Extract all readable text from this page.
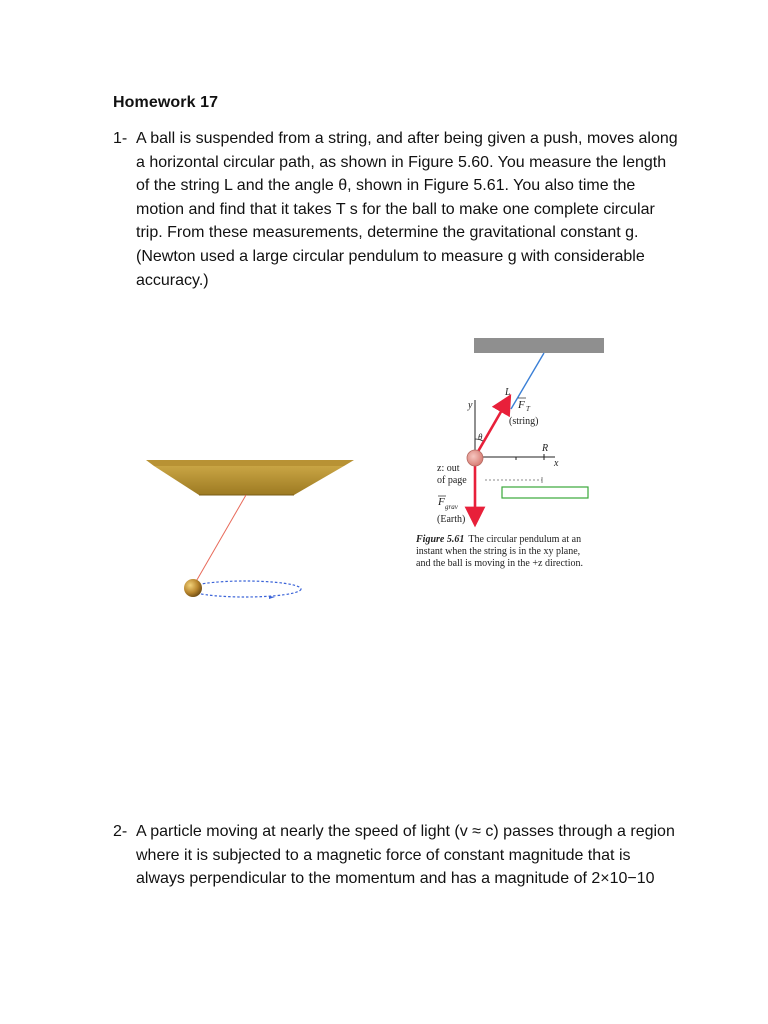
Homework 17
1- A ball is suspended from a string, and after being given a push, moves along
a horizontal circular path, as shown in Figure 5.60. You measure the length
of the string L and the angle θ, shown in Figure 5.61. You also time the
motion and find that it takes T s for the ball to make one complete circular
trip. From these measurements, determine the gravitational constant g.
(Newton used a large circular pendulum to measure g with considerable
accuracy.)
L
F T
(string)
y
θ
R
x
z: out
of page
F grav
(Earth)
Figure 5.61 The circular pendulum at an
instant when the string is in the xy plane,
and the ball is moving in the +z direction.
2- A particle moving at nearly the speed of light (v ≈ c) passes through a region
where it is subjected to a magnetic force of constant magnitude that is
always perpendicular to the momentum and has a magnitude of 2×10−10
